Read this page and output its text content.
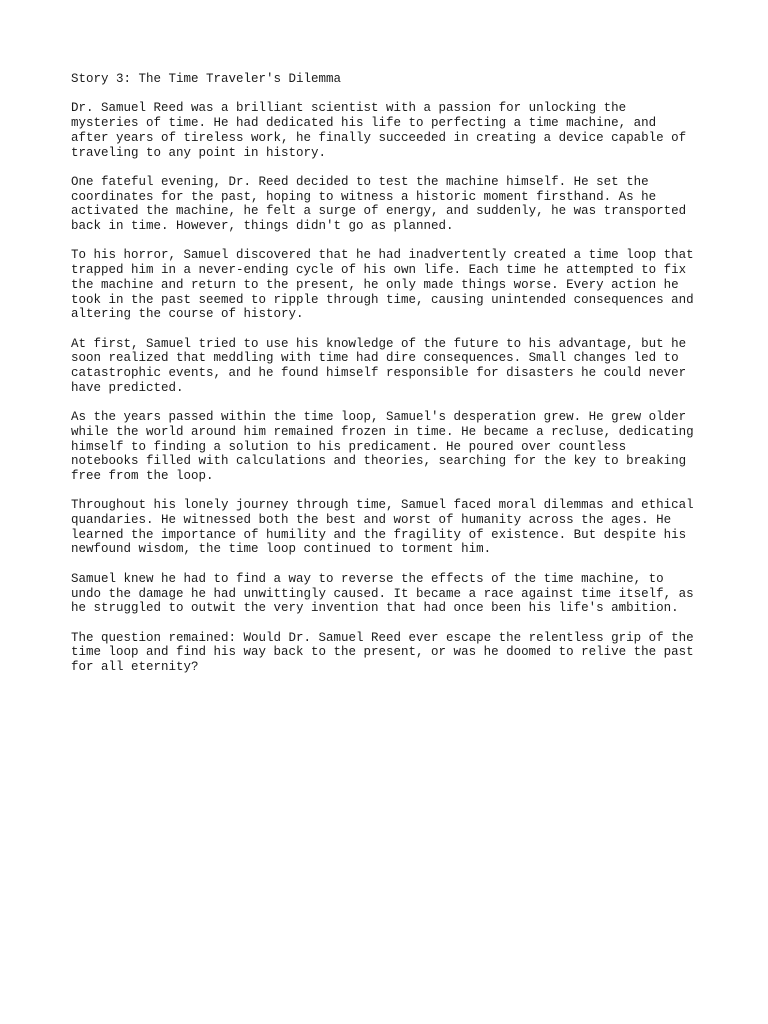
Story 3: The Time Traveler's Dilemma
Dr. Samuel Reed was a brilliant scientist with a passion for unlocking the
mysteries of time. He had dedicated his life to perfecting a time machine, and
after years of tireless work, he finally succeeded in creating a device capable of
traveling to any point in history.
One fateful evening, Dr. Reed decided to test the machine himself. He set the
coordinates for the past, hoping to witness a historic moment firsthand. As he
activated the machine, he felt a surge of energy, and suddenly, he was transported
back in time. However, things didn't go as planned.
To his horror, Samuel discovered that he had inadvertently created a time loop that
trapped him in a never-ending cycle of his own life. Each time he attempted to fix
the machine and return to the present, he only made things worse. Every action he
took in the past seemed to ripple through time, causing unintended consequences and
altering the course of history.
At first, Samuel tried to use his knowledge of the future to his advantage, but he
soon realized that meddling with time had dire consequences. Small changes led to
catastrophic events, and he found himself responsible for disasters he could never
have predicted.
As the years passed within the time loop, Samuel's desperation grew. He grew older
while the world around him remained frozen in time. He became a recluse, dedicating
himself to finding a solution to his predicament. He poured over countless
notebooks filled with calculations and theories, searching for the key to breaking
free from the loop.
Throughout his lonely journey through time, Samuel faced moral dilemmas and ethical
quandaries. He witnessed both the best and worst of humanity across the ages. He
learned the importance of humility and the fragility of existence. But despite his
newfound wisdom, the time loop continued to torment him.
Samuel knew he had to find a way to reverse the effects of the time machine, to
undo the damage he had unwittingly caused. It became a race against time itself, as
he struggled to outwit the very invention that had once been his life's ambition.
The question remained: Would Dr. Samuel Reed ever escape the relentless grip of the
time loop and find his way back to the present, or was he doomed to relive the past
for all eternity?
